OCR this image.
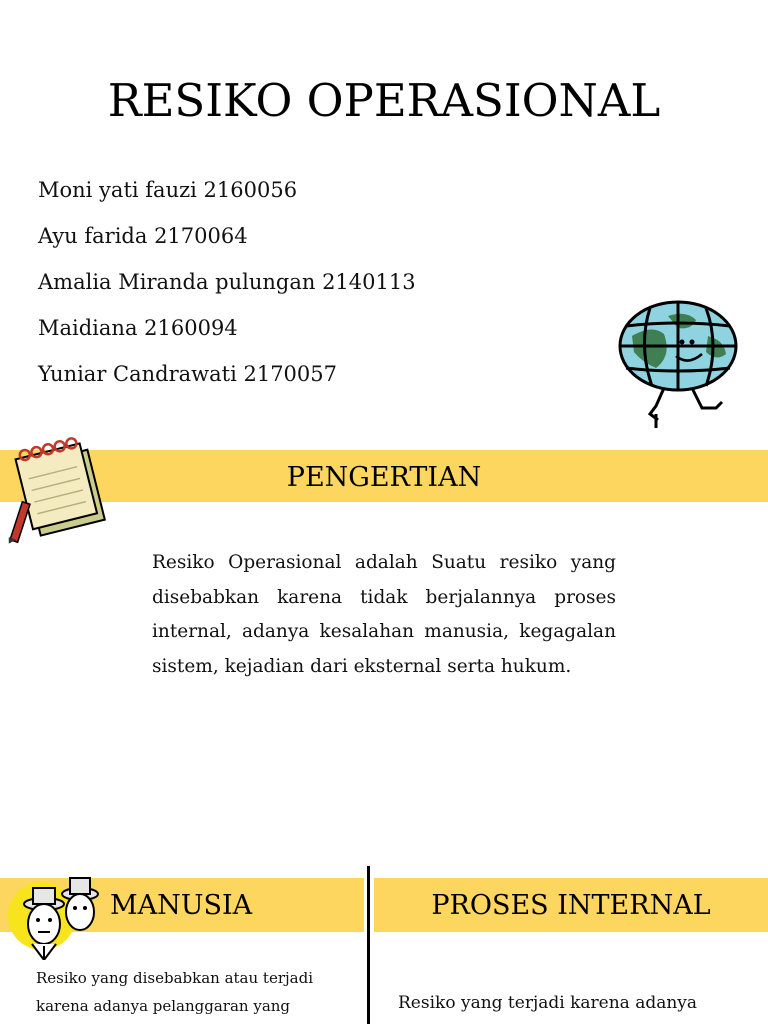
RESIKO OPERASIONAL
Moni yati fauzi 2160056
Ayu farida 2170064
Amalia Miranda pulungan 2140113
Maidiana 2160094
Yuniar Candrawati 2170057
PENGERTIAN

Resiko Operasional adalah Suatu resiko yang disebabkan karena tidak berjalannya proses internal, adanya kesalahan manusia, kegagalan sistem, kejadian dari eksternal serta hukum.

MANUSIA	PROSES INTERNAL

Resiko yang disebabkan atau terjadi karena adanya pelanggaran yang	Resiko yang terjadi karena adanya
